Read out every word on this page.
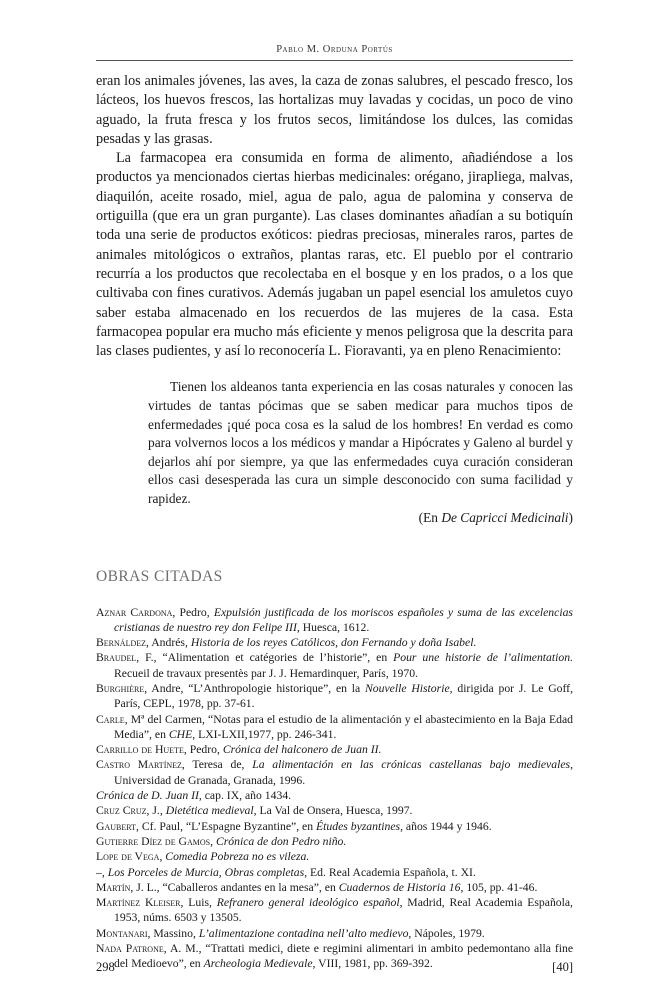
Pablo M. Orduna Portús

eran los animales jóvenes, las aves, la caza de zonas salubres, el pescado fresco, los lácteos, los huevos frescos, las hortalizas muy lavadas y cocidas, un poco de vino aguado, la fruta fresca y los frutos secos, limitándose los dulces, las comidas pesadas y las grasas.

La farmacopea era consumida en forma de alimento, añadiéndose a los productos ya mencionados ciertas hierbas medicinales: orégano, jirapliega, malvas, diaquilón, aceite rosado, miel, agua de palo, agua de palomina y conserva de ortiguilla (que era un gran purgante). Las clases dominantes añadían a su botiquín toda una serie de productos exóticos: piedras preciosas, minerales raros, partes de animales mitológicos o extraños, plantas raras, etc. El pueblo por el contrario recurría a los productos que recolectaba en el bosque y en los prados, o a los que cultivaba con fines curativos. Además jugaban un papel esencial los amuletos cuyo saber estaba almacenado en los recuerdos de las mujeres de la casa. Esta farmacopea popular era mucho más eficiente y menos peligrosa que la descrita para las clases pudientes, y así lo reconocería L. Fioravanti, ya en pleno Renacimiento:

Tienen los aldeanos tanta experiencia en las cosas naturales y conocen las virtudes de tantas pócimas que se saben medicar para muchos tipos de enfermedades ¡qué poca cosa es la salud de los hombres! En verdad es como para volvernos locos a los médicos y mandar a Hipócrates y Galeno al burdel y dejarlos ahí por siempre, ya que las enfermedades cuya curación consideran ellos casi desesperada las cura un simple desconocido con suma facilidad y rapidez.

(En De Capricci Medicinali)

OBRAS CITADAS
Aznar Cardona, Pedro, Expulsión justificada de los moriscos españoles y suma de las excelencias cristianas de nuestro rey don Felipe III, Huesca, 1612.
Bernáldez, Andrés, Historia de los reyes Católicos, don Fernando y doña Isabel.
Braudel, F., “Alimentation et catégories de l’historie”, en Pour une historie de l’alimentation. Recueil de travaux presentès par J. J. Hemardinquer, París, 1970.
Burghière, Andre, “L’Anthropologie historique”, en la Nouvelle Historie, dirigida por J. Le Goff, París, CEPL, 1978, pp. 37-61.
Carle, Mª del Carmen, “Notas para el estudio de la alimentación y el abastecimiento en la Baja Edad Media”, en CHE, LXI-LXII,1977, pp. 246-341.
Carrillo de Huete, Pedro, Crónica del halconero de Juan II.
Castro Martínez, Teresa de, La alimentación en las crónicas castellanas bajo medievales, Universidad de Granada, Granada, 1996.
Crónica de D. Juan II, cap. IX, año 1434.
Cruz Cruz, J., Dietética medieval, La Val de Onsera, Huesca, 1997.
Gaubert, Cf. Paul, “L’Espagne Byzantine”, en Études byzantines, años 1944 y 1946.
Gutierre Díez de Gamos, Crónica de don Pedro niño.
Lope de Vega, Comedia Pobreza no es vileza.
–, Los Porceles de Murcia, Obras completas, Ed. Real Academia Española, t. XI.
Martín, J. L., “Caballeros andantes en la mesa”, en Cuadernos de Historia 16, 105, pp. 41-46.
Martínez Kleiser, Luis, Refranero general ideológico español, Madrid, Real Academia Española, 1953, núms. 6503 y 13505.
Montanari, Massino, L’alimentazione contadina nell’alto medievo, Nápoles, 1979.
Nada Patrone, A. M., “Trattati medici, diete e regimini alimentari in ambito pedemontano alla fine del Medioevo”, en Archeologia Medievale, VIII, 1981, pp. 369-392.
298	[40]
